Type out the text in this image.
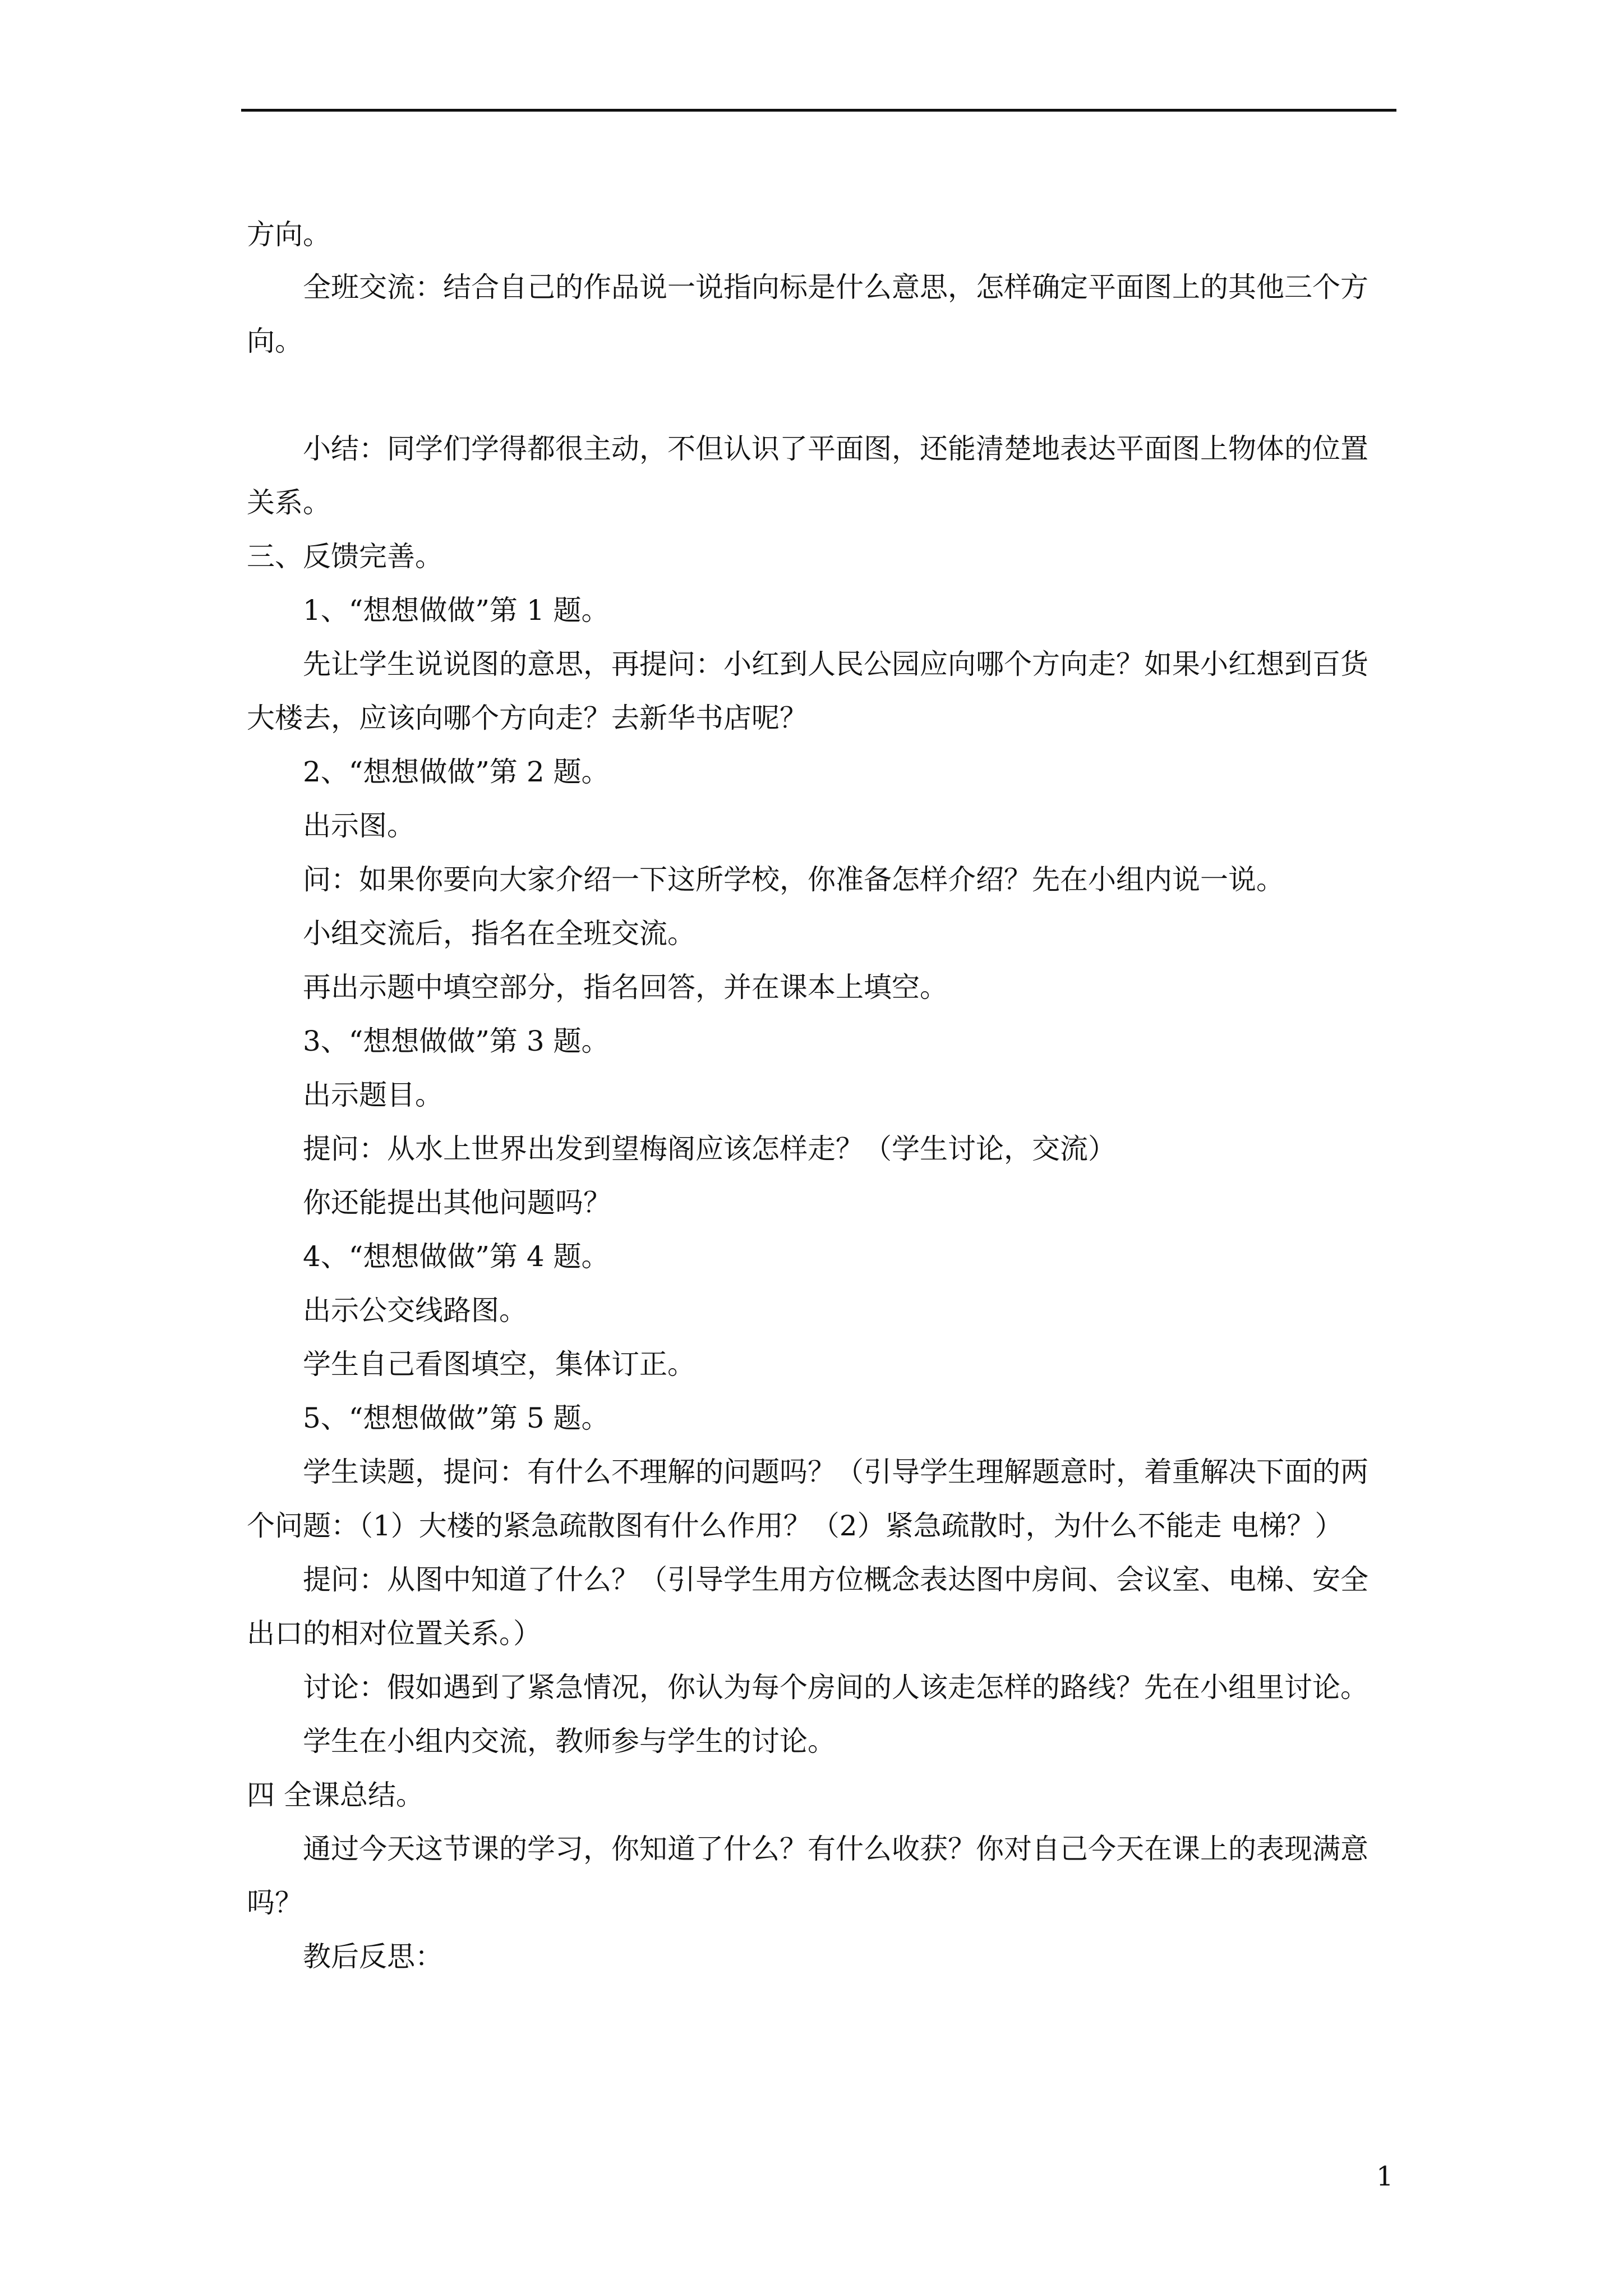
方向。
全班交流：结合自己的作品说一说指向标是什么意思，怎样确定平面图上的其他三个方
向。
小结：同学们学得都很主动，不但认识了平面图，还能清楚地表达平面图上物体的位置
关系。
三、反馈完善。
1、“想想做做”第 1 题。
先让学生说说图的意思，再提问：小红到人民公园应向哪个方向走？如果小红想到百货
大楼去，应该向哪个方向走？去新华书店呢？
2、“想想做做”第 2 题。
出示图。
问：如果你要向大家介绍一下这所学校，你准备怎样介绍？先在小组内说一说。
小组交流后，指名在全班交流。
再出示题中填空部分，指名回答，并在课本上填空。
3、“想想做做”第 3 题。
出示题目。
提问：从水上世界出发到望梅阁应该怎样走？（学生讨论，交流）
你还能提出其他问题吗？
4、“想想做做”第 4 题。
出示公交线路图。
学生自己看图填空，集体订正。
5、“想想做做”第 5 题。
学生读题，提问：有什么不理解的问题吗？（引导学生理解题意时，着重解决下面的两
个问题：（1）大楼的紧急疏散图有什么作用？（2）紧急疏散时，为什么不能走 电梯？）
提问：从图中知道了什么？（引导学生用方位概念表达图中房间、会议室、电梯、安全
出口的相对位置关系。）
讨论：假如遇到了紧急情况，你认为每个房间的人该走怎样的路线？先在小组里讨论。
学生在小组内交流，教师参与学生的讨论。
四 全课总结。
通过今天这节课的学习，你知道了什么？有什么收获？你对自己今天在课上的表现满意
吗？
教后反思：
1
